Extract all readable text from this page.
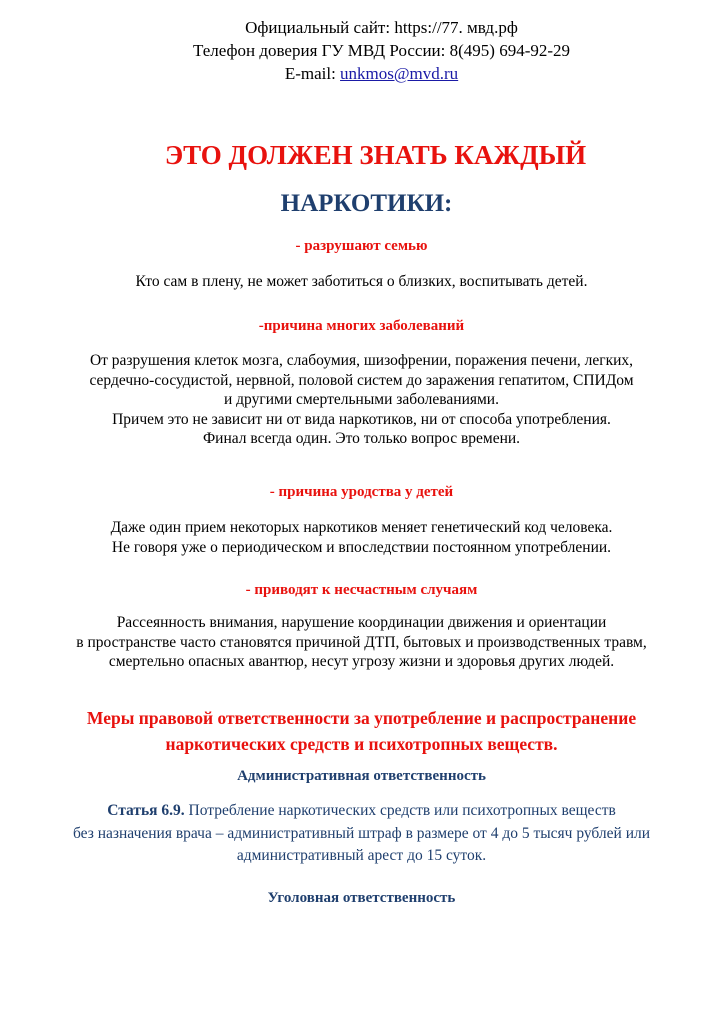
Официальный сайт: https://77. мвд.рф
Телефон доверия ГУ МВД России: 8(495) 694-92-29
E-mail: unkmos@mvd.ru
ЭТО ДОЛЖЕН ЗНАТЬ КАЖДЫЙ
НАРКОТИКИ:
- разрушают семью
Кто сам в плену, не может заботиться о близких, воспитывать детей.
-причина многих заболеваний
От разрушения клеток мозга, слабоумия, шизофрении, поражения печени, легких,
сердечно-сосудистой, нервной, половой систем до заражения гепатитом, СПИДом
и другими смертельными заболеваниями.
Причем это не зависит ни от вида наркотиков, ни от способа употребления.
Финал всегда один. Это только вопрос времени.
- причина уродства у детей
Даже один прием некоторых наркотиков меняет генетический код человека.
Не говоря уже о периодическом и впоследствии постоянном употреблении.
- приводят к несчастным случаям
Рассеянность внимания, нарушение координации движения и ориентации
в пространстве часто становятся причиной ДТП, бытовых и производственных травм,
смертельно опасных авантюр, несут угрозу жизни и здоровья других людей.
Меры правовой ответственности за употребление и распространение
наркотических средств и психотропных веществ.
Административная ответственность
Статья 6.9. Потребление наркотических средств или психотропных веществ
без назначения врача – административный штраф в размере от 4 до 5 тысяч рублей или
административный арест до 15 суток.
Уголовная ответственность
